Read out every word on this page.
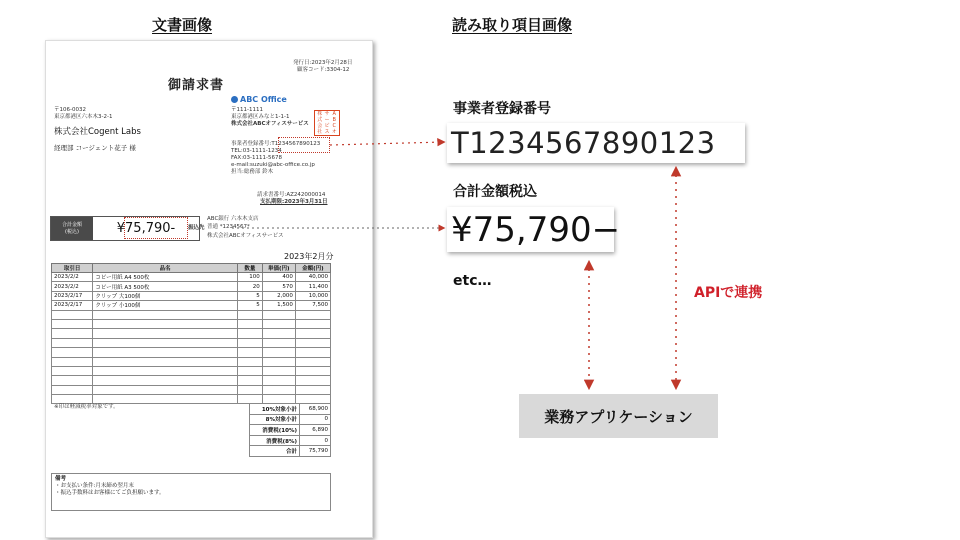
文書画像	読み取り項目画像
発行日:2023年2月28日
顧客コード:3304-12
御請求書
〒106-0032
東京都港区六本木3-2-1
株式会社Cogent Labs
経理部 コージェント花子 様
ABC Office
〒111-1111
東京都港区みなと1-1-1
株式会社ABCオフィスサービス
株 サ A
式 ー B
会 ビ C
社 ス オ
事業者登録番号:T1234567890123
TEL:03-1111-1234
FAX:03-1111-5678
e-mail:suzuki@abc-office.co.jp
担当:総務部 鈴木
請求書番号:AZ242000014
支払期限:2023年3月31日
合計金額
(税込)	¥75,790-	振込先
ABC銀行 六本木支店
普通 *1234567*
株式会社ABCオフィスサービス
2023年2月分
取引日	品名	数量	単価(円)	金額(円)
2023/2/2	コピー用紙 A4 500枚	100	400	40,000
2023/2/2	コピー用紙 A3 500枚	20	570	11,400
2023/2/17	クリップ 大100個	5	2,000	10,000
2023/2/17	クリップ 小100個	5	1,500	7,500

※印は軽減税率対象です。	10%対象小計	68,900
8%対象小計	0
消費税(10%)	6,890
消費税(8%)	0
合計	75,790
備考
・お支払い条件:月末締め翌月末
・振込手数料はお客様にてご負担願います。
事業者登録番号
T1234567890123
合計金額税込
¥75,790−
etc…
APIで連携
業務アプリケーション
